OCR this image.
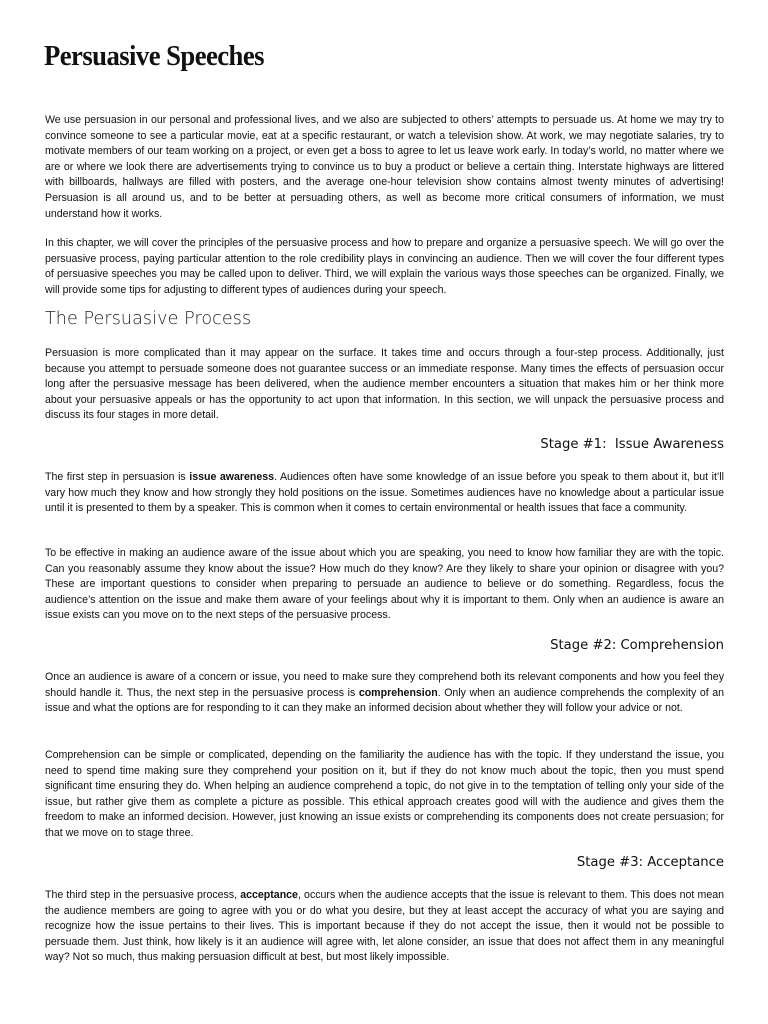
Persuasive Speeches

We use persuasion in our personal and professional lives, and we also are subjected to others’ attempts to persuade us. At home we may try to convince someone to see a particular movie, eat at a specific restaurant, or watch a television show. At work, we may negotiate salaries, try to motivate members of our team working on a project, or even get a boss to agree to let us leave work early. In today’s world, no matter where we are or where we look there are advertisements trying to convince us to buy a product or believe a certain thing. Interstate highways are littered with billboards, hallways are filled with posters, and the average one-hour television show contains almost twenty minutes of advertising! Persuasion is all around us, and to be better at persuading others, as well as become more critical consumers of information, we must understand how it works.

In this chapter, we will cover the principles of the persuasive process and how to prepare and organize a persuasive speech. We will go over the persuasive process, paying particular attention to the role credibility plays in convincing an audience. Then we will cover the four different types of persuasive speeches you may be called upon to deliver. Third, we will explain the various ways those speeches can be organized. Finally, we will provide some tips for adjusting to different types of audiences during your speech.

The Persuasive Process

Persuasion is more complicated than it may appear on the surface. It takes time and occurs through a four-step process. Additionally, just because you attempt to persuade someone does not guarantee success or an immediate response. Many times the effects of persuasion occur long after the persuasive message has been delivered, when the audience member encounters a situation that makes him or her think more about your persuasive appeals or has the opportunity to act upon that information. In this section, we will unpack the persuasive process and discuss its four stages in more detail.

Stage #1:  Issue Awareness

The first step in persuasion is issue awareness. Audiences often have some knowledge of an issue before you speak to them about it, but it’ll vary how much they know and how strongly they hold positions on the issue. Sometimes audiences have no knowledge about a particular issue until it is presented to them by a speaker. This is common when it comes to certain environmental or health issues that face a community.

To be effective in making an audience aware of the issue about which you are speaking, you need to know how familiar they are with the topic. Can you reasonably assume they know about the issue? How much do they know? Are they likely to share your opinion or disagree with you? These are important questions to consider when preparing to persuade an audience to believe or do something. Regardless, focus the audience’s attention on the issue and make them aware of your feelings about why it is important to them. Only when an audience is aware an issue exists can you move on to the next steps of the persuasive process.

Stage #2: Comprehension

Once an audience is aware of a concern or issue, you need to make sure they comprehend both its relevant components and how you feel they should handle it. Thus, the next step in the persuasive process is comprehension. Only when an audience comprehends the complexity of an issue and what the options are for responding to it can they make an informed decision about whether they will follow your advice or not.

Comprehension can be simple or complicated, depending on the familiarity the audience has with the topic. If they understand the issue, you need to spend time making sure they comprehend your position on it, but if they do not know much about the topic, then you must spend significant time ensuring they do. When helping an audience comprehend a topic, do not give in to the temptation of telling only your side of the issue, but rather give them as complete a picture as possible. This ethical approach creates good will with the audience and gives them the freedom to make an informed decision. However, just knowing an issue exists or comprehending its components does not create persuasion; for that we move on to stage three.

Stage #3: Acceptance

The third step in the persuasive process, acceptance, occurs when the audience accepts that the issue is relevant to them. This does not mean the audience members are going to agree with you or do what you desire, but they at least accept the accuracy of what you are saying and recognize how the issue pertains to their lives. This is important because if they do not accept the issue, then it would not be possible to persuade them. Just think, how likely is it an audience will agree with, let alone consider, an issue that does not affect them in any meaningful way? Not so much, thus making persuasion difficult at best, but most likely impossible.
